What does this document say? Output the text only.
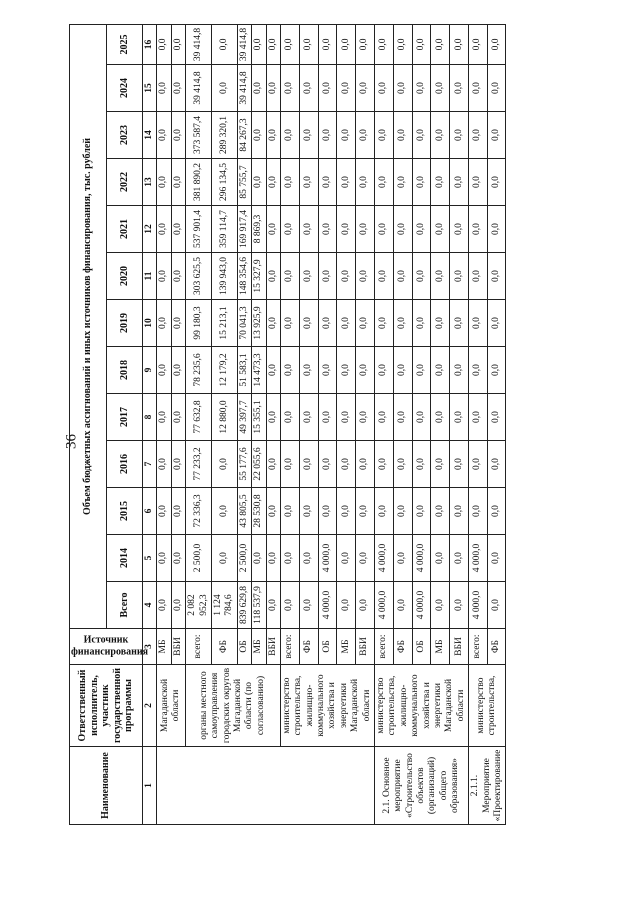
36
Наименование	Ответственный исполнитель, участник государственной программы	Источник финансирования	Объем бюджетных ассигнований и иных источников финансирования, тыс. рублей												
			Всего	2014	2015	2016	2017	2018	2019	2020	2021	2022	2023	2024	2025
1	2	3	4	5	6	7	8	9	10	11	12	13	14	15	16
	Магаданской области	МБ	0,0	0,0	0,0	0,0	0,0	0,0	0,0	0,0	0,0	0,0	0,0	0,0	0,0
		ВБИ	0,0	0,0	0,0	0,0	0,0	0,0	0,0	0,0	0,0	0,0	0,0	0,0	0,0
	органы местного самоуправления городских округов Магаданской области (по согласованию)	всего:	2 082 952,3	2 500,0	72 336,3	77 233,2	77 632,8	78 235,6	99 180,3	303 625,5	537 901,4	381 890,2	373 587,4	39 414,8	39 414,8
		ФБ	1 124 784,6	0,0	0,0	0,0	12 880,0	12 179,2	15 213,1	139 943,0	359 114,7	296 134,5	289 320,1	0,0	0,0
		ОБ	839 629,8	2 500,0	43 805,5	55 177,6	49 397,7	51 583,1	70 041,3	148 354,6	169 917,4	85 755,7	84 267,3	39 414,8	39 414,8
		МБ	118 537,9	0,0	28 530,8	22 055,6	15 355,1	14 473,3	13 925,9	15 327,9	8 869,3	0,0	0,0	0,0	0,0
		ВБИ	0,0	0,0	0,0	0,0	0,0	0,0	0,0	0,0	0,0	0,0	0,0	0,0	0,0
	министерство строительства, жилищно-коммунального хозяйства и энергетики Магаданской области	всего:	0,0	0,0	0,0	0,0	0,0	0,0	0,0	0,0	0,0	0,0	0,0	0,0	0,0
		ФБ	0,0	0,0	0,0	0,0	0,0	0,0	0,0	0,0	0,0	0,0	0,0	0,0	0,0
		ОБ	4 000,0	4 000,0	0,0	0,0	0,0	0,0	0,0	0,0	0,0	0,0	0,0	0,0	0,0
		МБ	0,0	0,0	0,0	0,0	0,0	0,0	0,0	0,0	0,0	0,0	0,0	0,0	0,0
		ВБИ	0,0	0,0	0,0	0,0	0,0	0,0	0,0	0,0	0,0	0,0	0,0	0,0	0,0
2.1. Основное мероприятие «Строительство объектов (организаций) общего образования»	министерство строительства, жилищно-коммунального хозяйства и энергетики Магаданской области	всего:	4 000,0	4 000,0	0,0	0,0	0,0	0,0	0,0	0,0	0,0	0,0	0,0	0,0	0,0
		ФБ	0,0	0,0	0,0	0,0	0,0	0,0	0,0	0,0	0,0	0,0	0,0	0,0	0,0
		ОБ	4 000,0	4 000,0	0,0	0,0	0,0	0,0	0,0	0,0	0,0	0,0	0,0	0,0	0,0
		МБ	0,0	0,0	0,0	0,0	0,0	0,0	0,0	0,0	0,0	0,0	0,0	0,0	0,0
		ВБИ	0,0	0,0	0,0	0,0	0,0	0,0	0,0	0,0	0,0	0,0	0,0	0,0	0,0
2.1.1. Мероприятие «Проектирование	министерство строительства,	всего:	4 000,0	4 000,0	0,0	0,0	0,0	0,0	0,0	0,0	0,0	0,0	0,0	0,0	0,0
		ФБ	0,0	0,0	0,0	0,0	0,0	0,0	0,0	0,0	0,0	0,0	0,0	0,0	0,0
